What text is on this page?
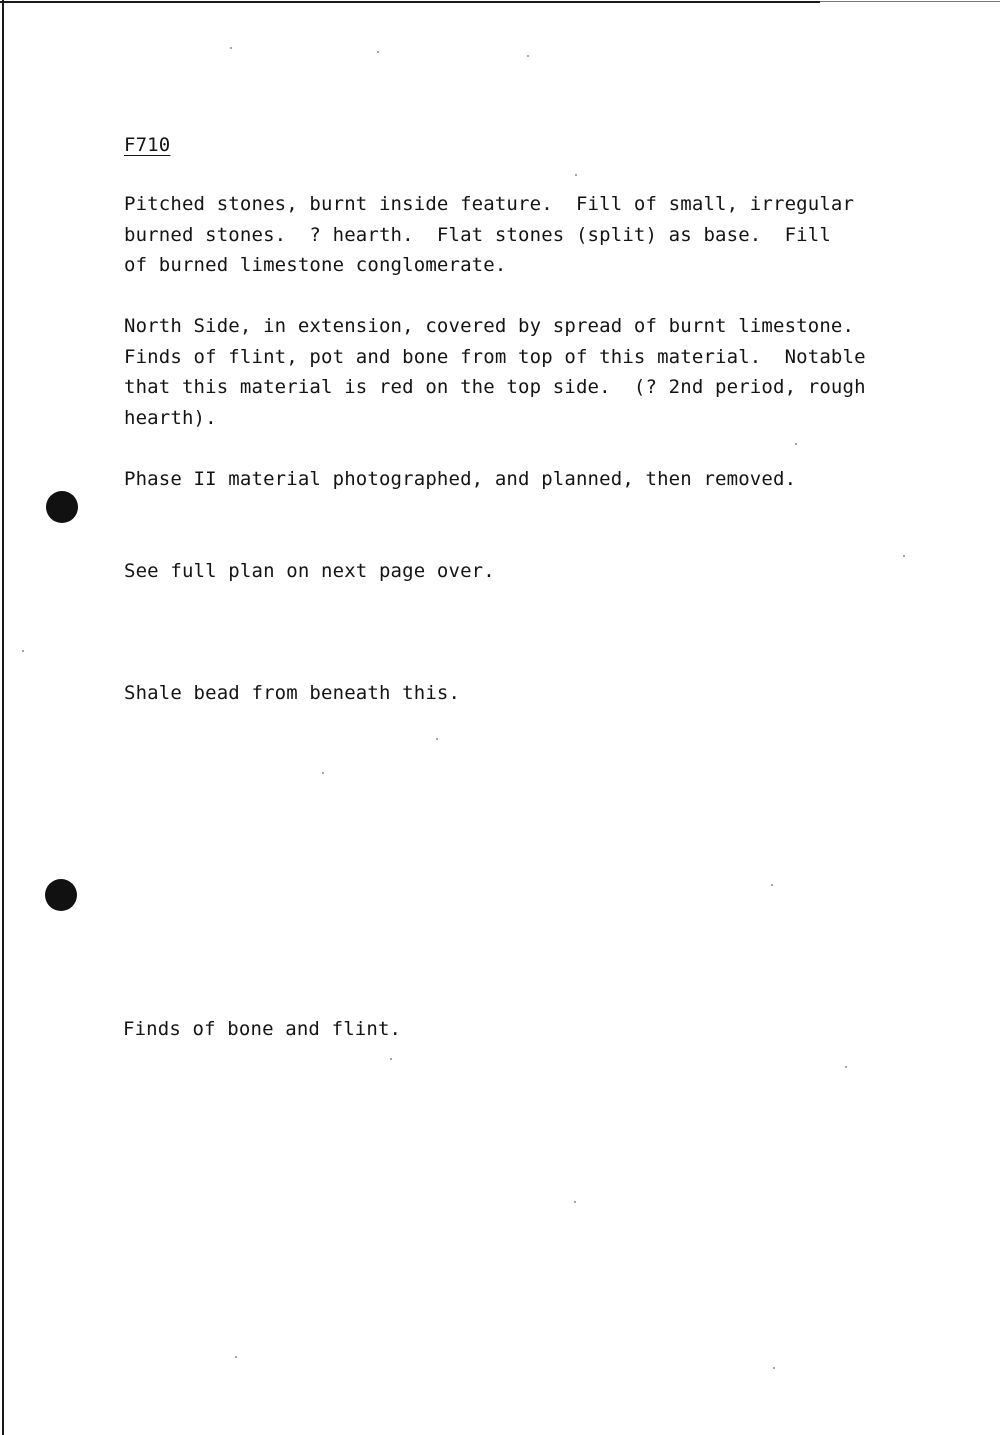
F710

Pitched stones, burnt inside feature.  Fill of small, irregular
burned stones.  ? hearth.  Flat stones (split) as base.  Fill
of burned limestone conglomerate.

North Side, in extension, covered by spread of burnt limestone.
Finds of flint, pot and bone from top of this material.  Notable
that this material is red on the top side.  (? 2nd period, rough
hearth).

Phase II material photographed, and planned, then removed.

See full plan on next page over.

Shale bead from beneath this.

Finds of bone and flint.
